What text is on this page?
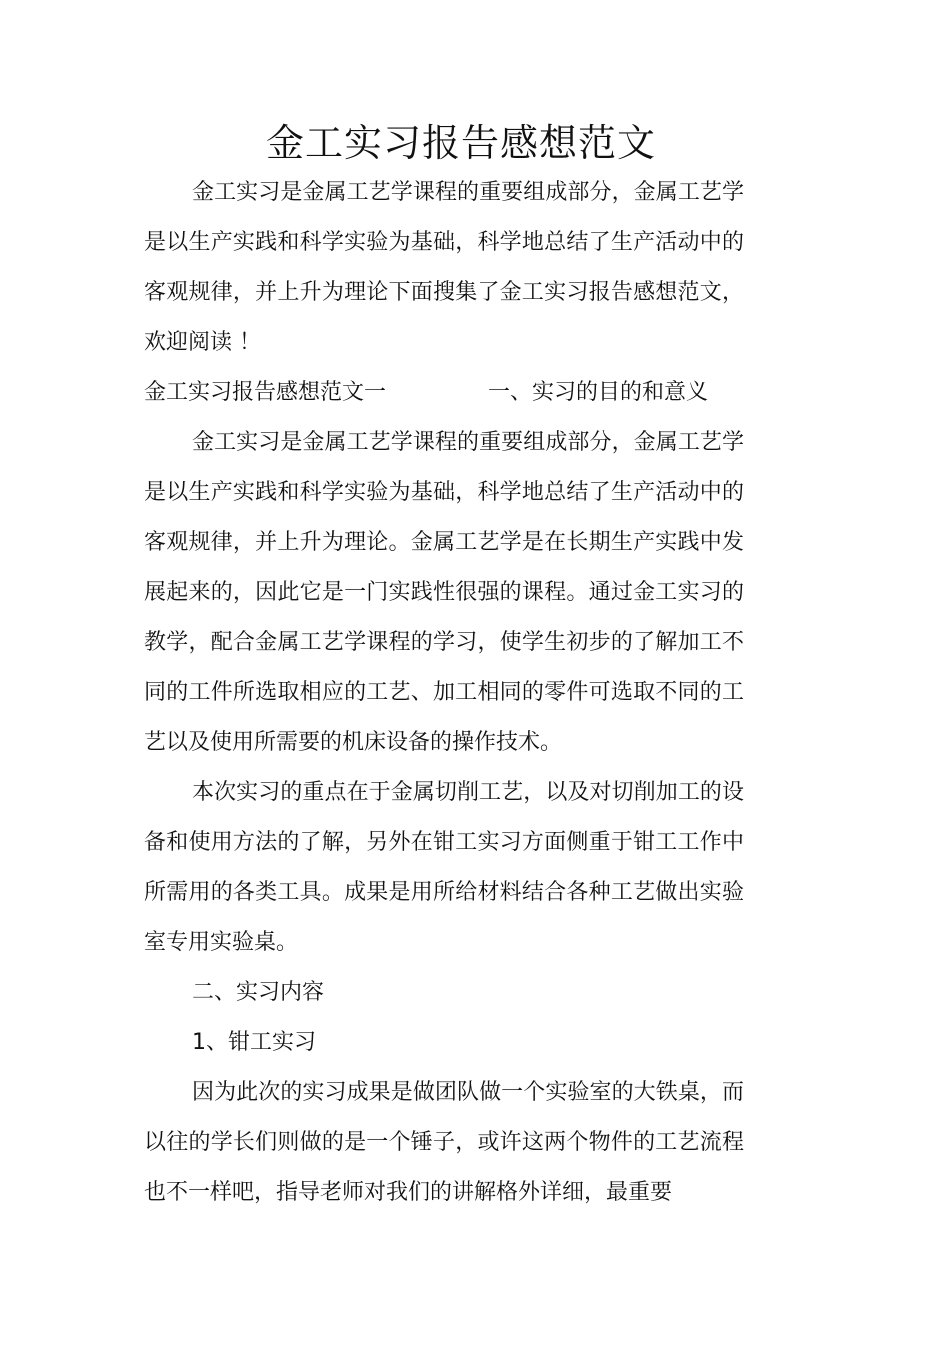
金工实习报告感想范文

金工实习是金属工艺学课程的重要组成部分，金属工艺学是以生产实践和科学实验为基础，科学地总结了生产活动中的客观规律，并上升为理论下面搜集了金工实习报告感想范文，欢迎阅读 ！

金工实习报告感想范文一	一、实习的目的和意义

金工实习是金属工艺学课程的重要组成部分，金属工艺学是以生产实践和科学实验为基础，科学地总结了生产活动中的客观规律，并上升为理论。金属工艺学是在长期生产实践中发展起来的，因此它是一门实践性很强的课程。通过金工实习的教学，配合金属工艺学课程的学习，使学生初步的了解加工不同的工件所选取相应的工艺、加工相同的零件可选取不同的工艺以及使用所需要的机床设备的操作技术。

本次实习的重点在于金属切削工艺，以及对切削加工的设备和使用方法的了解，另外在钳工实习方面侧重于钳工工作中所需用的各类工具。成果是用所给材料结合各种工艺做出实验室专用实验桌。

二、实习内容

1、钳工实习

因为此次的实习成果是做团队做一个实验室的大铁桌，而以往的学长们则做的是一个锤子，或许这两个物件的工艺流程也不一样吧，指导老师对我们的讲解格外详细，最重要
